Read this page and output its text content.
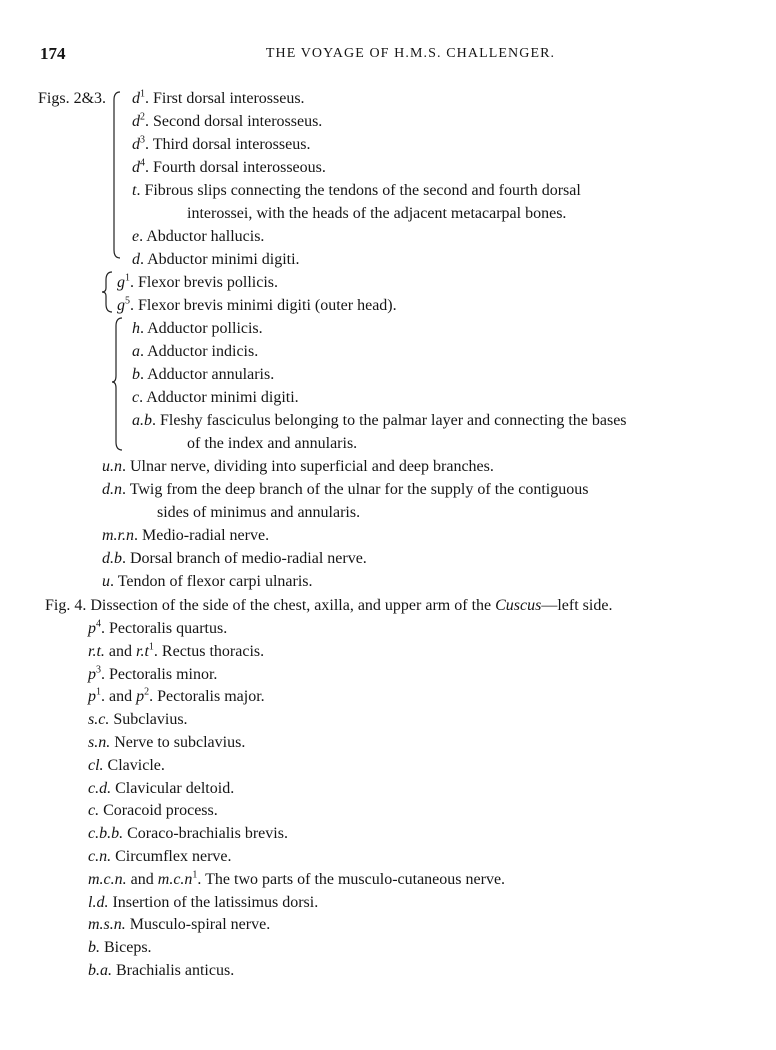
174	THE VOYAGE OF H.M.S. CHALLENGER.
Figs. 2&3.
Fig. 4. Dissection of the side of the chest, axilla, and upper arm of the Cuscus—left side.
$d^1$. First dorsal interosseus.
$d^2$. Second dorsal interosseus.
$d^3$. Third dorsal interosseus.
$d^4$. Fourth dorsal interosseous.
t. Fibrous slips connecting the tendons of the second and fourth dorsal
interossei, with the heads of the adjacent metacarpal bones.
e. Abductor hallucis.
d. Abductor minimi digiti.
$g^1$. Flexor brevis pollicis.
$g^5$. Flexor brevis minimi digiti (outer head).
h. Adductor pollicis.
a. Adductor indicis.
b. Adductor annularis.
c. Adductor minimi digiti.
a.b. Fleshy fasciculus belonging to the palmar layer and connecting the bases
of the index and annularis.
u.n. Ulnar nerve, dividing into superficial and deep branches.
d.n. Twig from the deep branch of the ulnar for the supply of the contiguous
sides of minimus and annularis.
m.r.n. Medio-radial nerve.
d.b. Dorsal branch of medio-radial nerve.
u. Tendon of flexor carpi ulnaris.
$p^4$. Pectoralis quartus.
r.t. and $r.t^1$. Rectus thoracis.
$p^3$. Pectoralis minor.
$p^1$. and $p^2$. Pectoralis major.
s.c. Subclavius.
s.n. Nerve to subclavius.
cl. Clavicle.
c.d. Clavicular deltoid.
c. Coracoid process.
c.b.b. Coraco-brachialis brevis.
c.n. Circumflex nerve.
m.c.n. and $m.c.n^1$. The two parts of the musculo-cutaneous nerve.
l.d. Insertion of the latissimus dorsi.
m.s.n. Musculo-spiral nerve.
b. Biceps.
b.a. Brachialis anticus.
